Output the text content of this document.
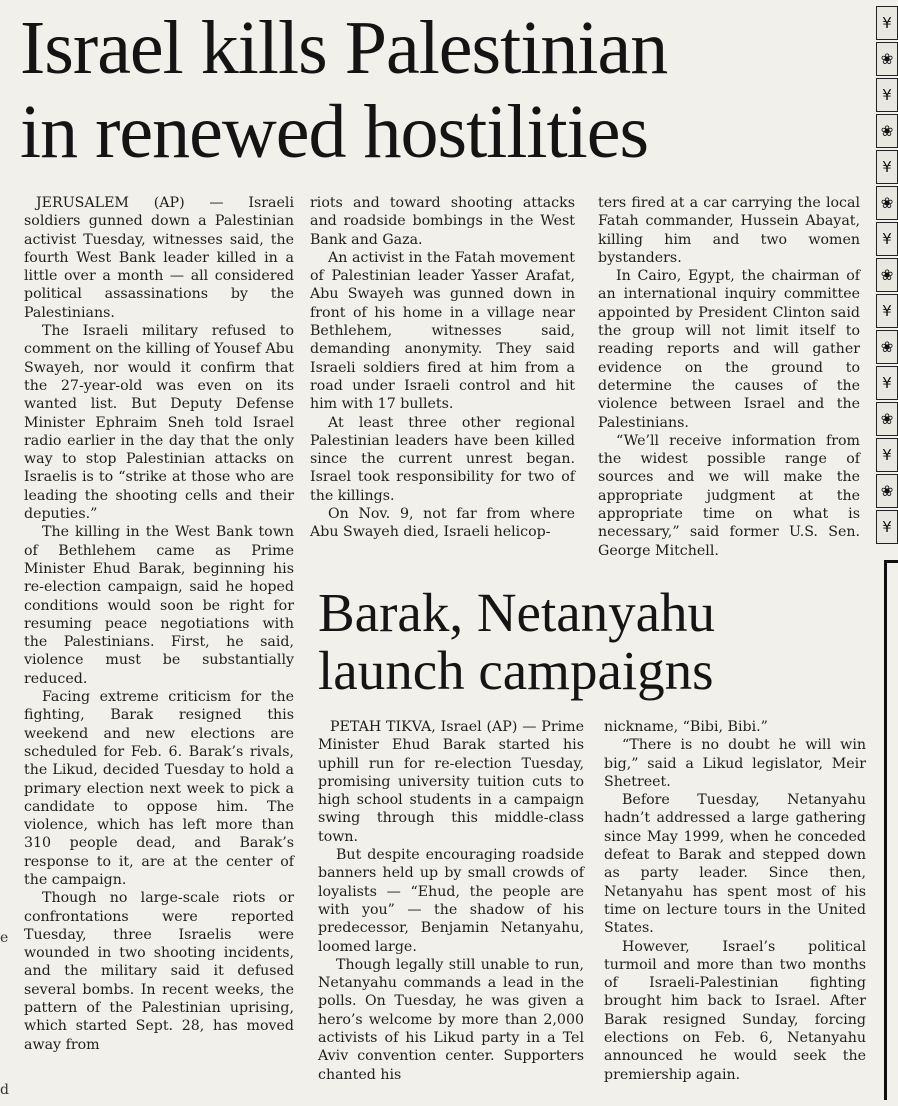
Israel kills Palestinian
in renewed hostilities

JERUSALEM (AP) — Israeli soldiers gunned down a Palestinian activist Tuesday, witnesses said, the fourth West Bank leader killed in a little over a month — all considered political assassinations by the Palestinians.

The Israeli military refused to comment on the killing of Yousef Abu Swayeh, nor would it confirm that the 27-year-old was even on its wanted list. But Deputy Defense Minister Ephraim Sneh told Israel radio earlier in the day that the only way to stop Palestinian attacks on Israelis is to “strike at those who are leading the shooting cells and their deputies.”

The killing in the West Bank town of Bethlehem came as Prime Minister Ehud Barak, beginning his re-election campaign, said he hoped conditions would soon be right for resuming peace negotiations with the Palestinians. First, he said, violence must be substantially reduced.

Facing extreme criticism for the fighting, Barak resigned this weekend and new elections are scheduled for Feb. 6. Barak’s rivals, the Likud, decided Tuesday to hold a primary election next week to pick a candidate to oppose him. The violence, which has left more than 310 people dead, and Barak’s response to it, are at the center of the campaign.

Though no large-scale riots or confrontations were reported Tuesday, three Israelis were wounded in two shooting incidents, and the military said it defused several bombs. In recent weeks, the pattern of the Palestinian uprising, which started Sept. 28, has moved away from

riots and toward shooting attacks and roadside bombings in the West Bank and Gaza.

An activist in the Fatah movement of Palestinian leader Yasser Arafat, Abu Swayeh was gunned down in front of his home in a village near Bethlehem, witnesses said, demanding anonymity. They said Israeli soldiers fired at him from a road under Israeli control and hit him with 17 bullets.

At least three other regional Palestinian leaders have been killed since the current unrest began. Israel took responsibility for two of the killings.

On Nov. 9, not far from where Abu Swayeh died, Israeli helicop-

ters fired at a car carrying the local Fatah commander, Hussein Abayat, killing him and two women bystanders.

In Cairo, Egypt, the chairman of an international inquiry committee appointed by President Clinton said the group will not limit itself to reading reports and will gather evidence on the ground to determine the causes of the violence between Israel and the Palestinians.

“We’ll receive information from the widest possible range of sources and we will make the appropriate judgment at the appropriate time on what is necessary,” said former U.S. Sen. George Mitchell.

Barak, Netanyahu
launch campaigns

PETAH TIKVA, Israel (AP) — Prime Minister Ehud Barak started his uphill run for re-election Tuesday, promising university tuition cuts to high school students in a campaign swing through this middle-class town.

But despite encouraging roadside banners held up by small crowds of loyalists — “Ehud, the people are with you” — the shadow of his predecessor, Benjamin Netanyahu, loomed large.

Though legally still unable to run, Netanyahu commands a lead in the polls. On Tuesday, he was given a hero’s welcome by more than 2,000 activists of his Likud party in a Tel Aviv convention center. Supporters chanted his

nickname, “Bibi, Bibi.”

“There is no doubt he will win big,” said a Likud legislator, Meir Shetreet.

Before Tuesday, Netanyahu hadn’t addressed a large gathering since May 1999, when he conceded defeat to Barak and stepped down as party leader. Since then, Netanyahu has spent most of his time on lecture tours in the United States.

However, Israel’s political turmoil and more than two months of Israeli-Palestinian fighting brought him back to Israel. After Barak resigned Sunday, forcing elections on Feb. 6, Netanyahu announced he would seek the premiership again.

¥
❀
¥
❀
¥
❀
¥
❀
¥
❀
¥
❀
¥
❀
¥
e
d
